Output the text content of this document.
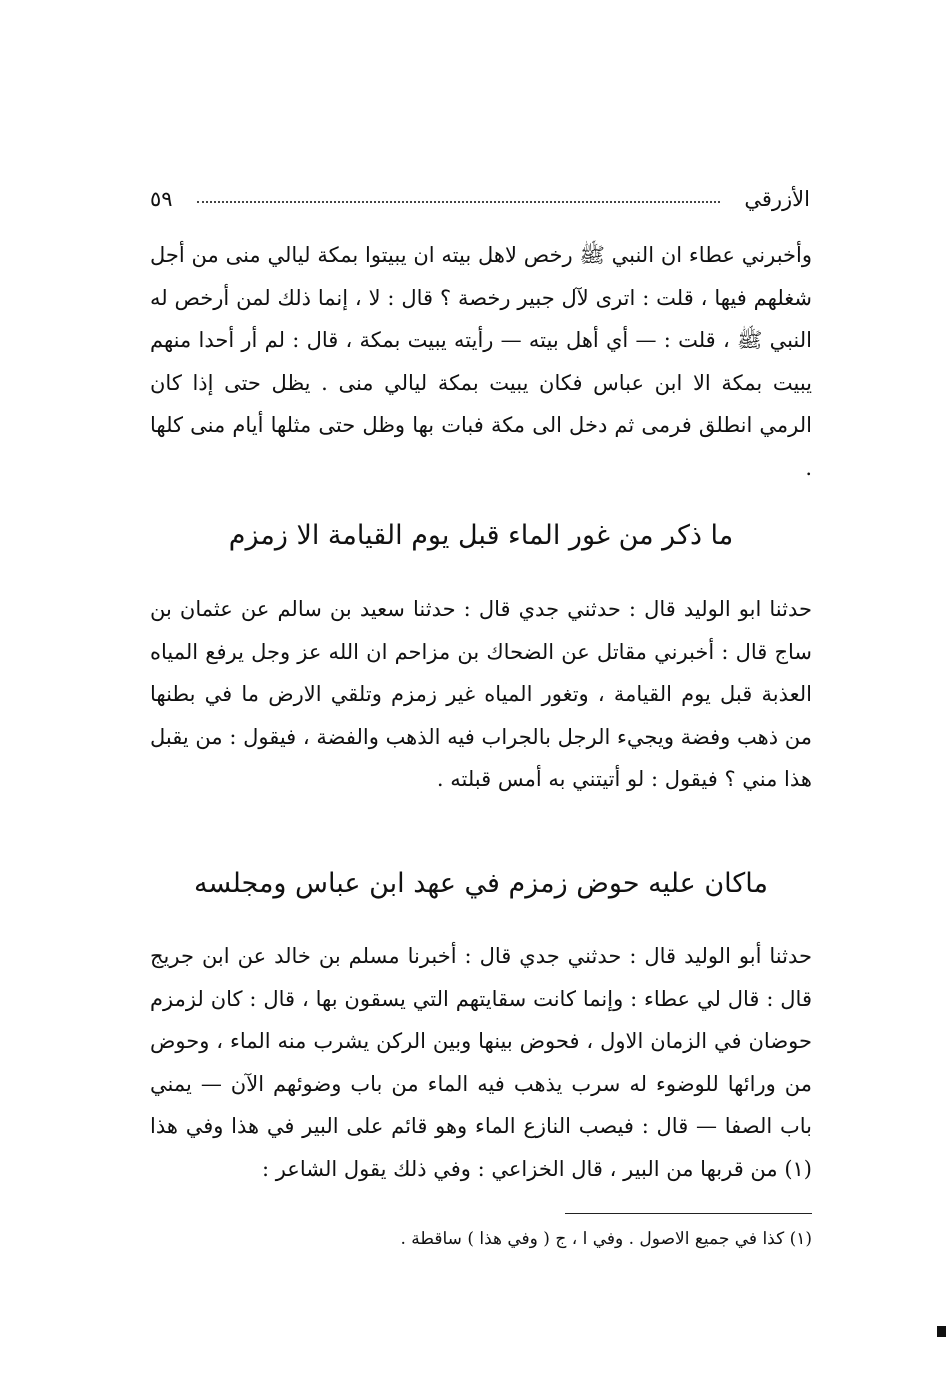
الأزرقي
٥٩
وأخبرني عطاء ان النبي ﷺ رخص لاهل بيته ان يبيتوا بمكة ليالي منى من أجل شغلهم فيها ، قلت : اترى لآل جبير رخصة ؟ قال : لا ، إنما ذلك لمن أرخص له النبي ﷺ ، قلت : — أي أهل بيته — رأيته يبيت بمكة ، قال : لم أر أحدا منهم يبيت بمكة الا ابن عباس فكان يبيت بمكة ليالي منى . يظل حتى إذا كان الرمي انطلق فرمى ثم دخل الى مكة فبات بها وظل حتى مثلها أيام منى كلها .
ما ذكر من غور الماء قبل يوم القيامة الا زمزم
حدثنا ابو الوليد قال : حدثني جدي قال : حدثنا سعيد بن سالم عن عثمان بن ساج قال : أخبرني مقاتل عن الضحاك بن مزاحم ان الله عز وجل يرفع المياه العذبة قبل يوم القيامة ، وتغور المياه غير زمزم وتلقي الارض ما في بطنها من ذهب وفضة ويجيء الرجل بالجراب فيه الذهب والفضة ، فيقول : من يقبل هذا مني ؟ فيقول : لو أتيتني به أمس قبلته .
ماكان عليه حوض زمزم في عهد ابن عباس ومجلسه
حدثنا أبو الوليد قال : حدثني جدي قال : أخبرنا مسلم بن خالد عن ابن جريج قال : قال لي عطاء : وإنما كانت سقايتهم التي يسقون بها ، قال : كان لزمزم حوضان في الزمان الاول ، فحوض بينها وبين الركن يشرب منه الماء ، وحوض من ورائها للوضوء له سرب يذهب فيه الماء من باب وضوئهم الآن — يمني باب الصفا — قال : فيصب النازع الماء وهو قائم على البير في هذا وفي هذا (١) من قربها من البير ، قال الخزاعي : وفي ذلك يقول الشاعر :
(١) كذا في جميع الاصول . وفي ا ، ج ( وفي هذا ) ساقطة .
